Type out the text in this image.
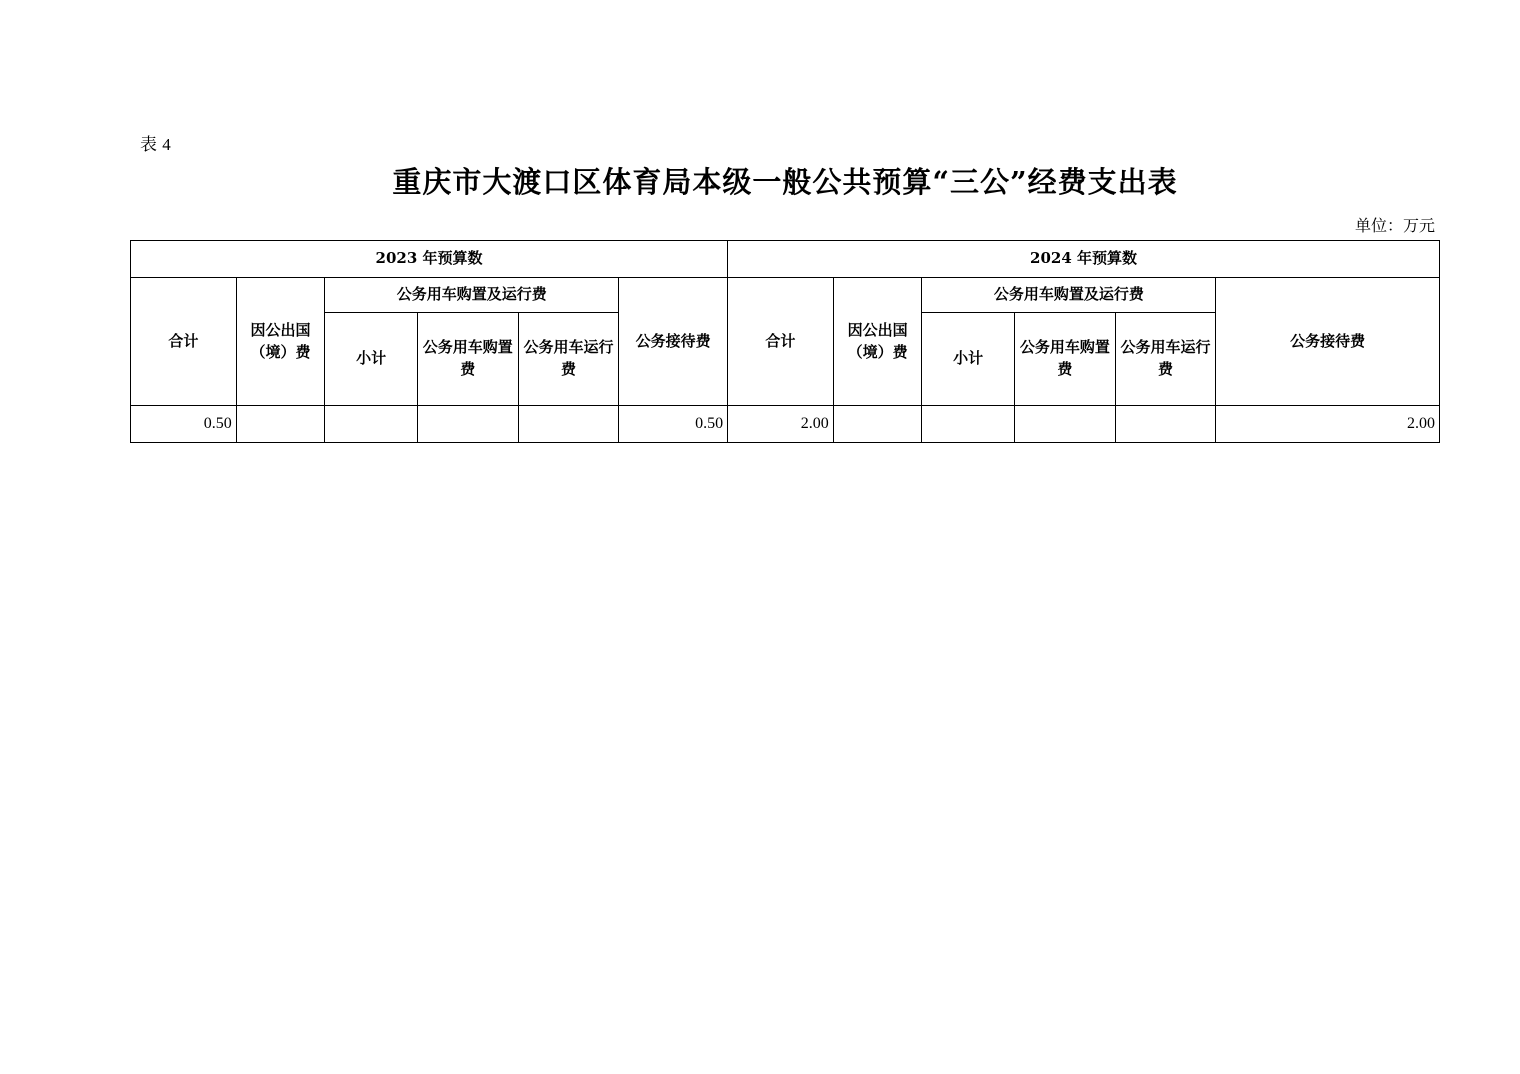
表 4
重庆市大渡口区体育局本级一般公共预算“三公”经费支出表
单位：万元
2023 年预算数						2024 年预算数					
合计	因公出国（境）费	公务用车购置及运行费			公务接待费	合计	因公出国（境）费	公务用车购置及运行费			公务接待费
		小计	公务用车购置费	公务用车运行费				小计	公务用车购置费	公务用车运行费	
0.50					0.50	2.00					2.00
